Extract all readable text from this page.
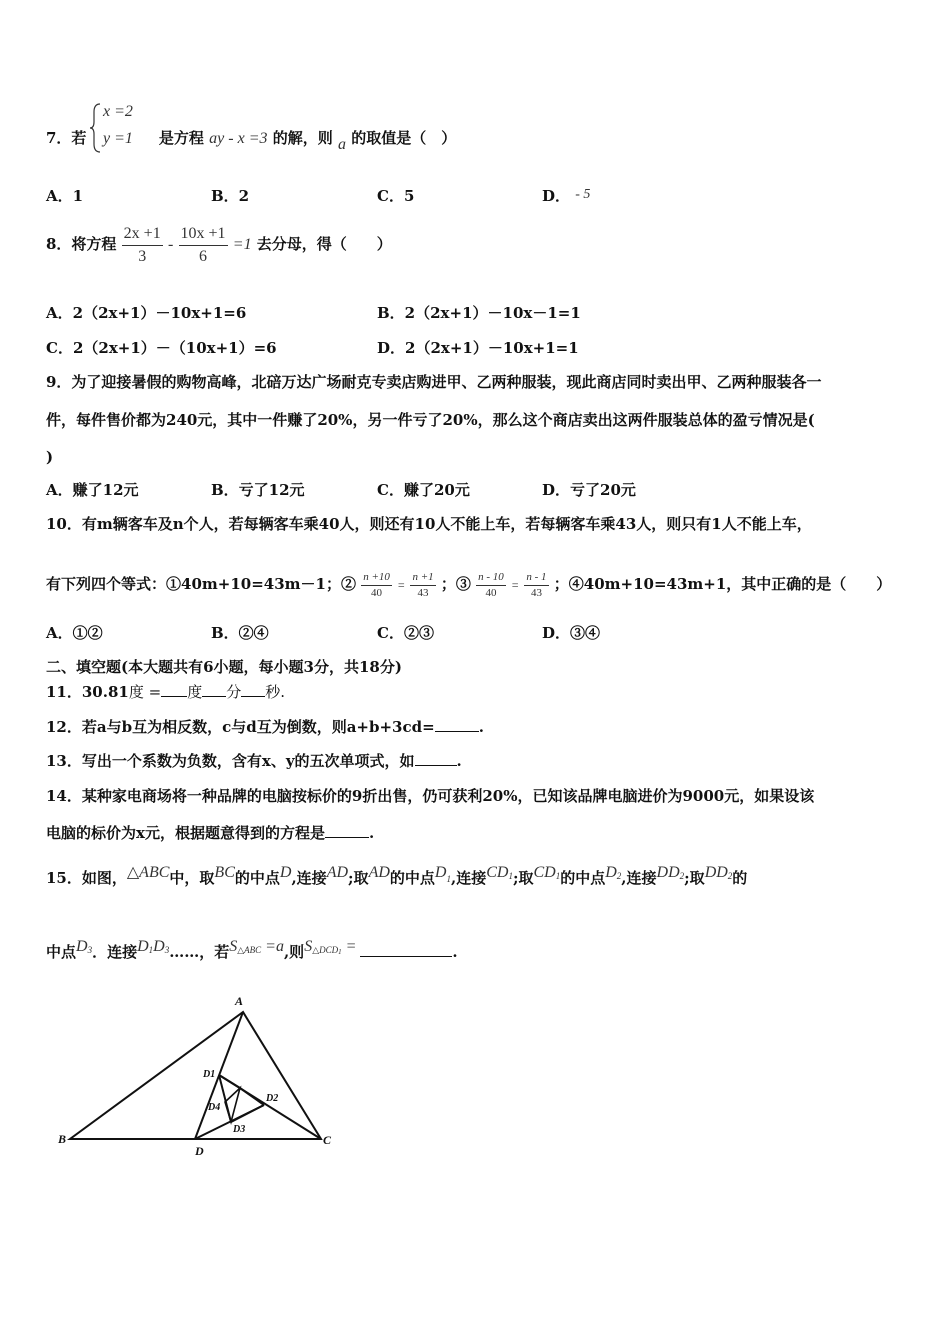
7．若	是方程 ay - x =3 的解，则 a 的取值是（　）
x =2
y =1
A．1	B．2	C．5	D． - 5
8．将方程 $\frac{2x +1}{3} - \frac{10x +1}{6} =1$ 去分母，得（　　）
A．2（2x+1）－10x+1=6	B．2（2x+1）－10x－1=1
C．2（2x+1）－（10x+1）=6	D．2（2x+1）－10x+1=1
9．为了迎接暑假的购物高峰，北碚万达广场耐克专卖店购进甲、乙两种服装，现此商店同时卖出甲、乙两种服装各一
件，每件售价都为240元，其中一件赚了20%，另一件亏了20%，那么这个商店卖出这两件服装总体的盈亏情况是(
)
A．赚了12元	B．亏了12元	C．赚了20元	D．亏了20元
10．有m辆客车及n个人，若每辆客车乘40人，则还有10人不能上车，若每辆客车乘43人，则只有1人不能上车，
有下列四个等式：①40m+10=43m－1；② $\frac{n +10}{40} = \frac{n +1}{43}$ ；③ $\frac{n - 10}{40} = \frac{n - 1}{43}$ ；④40m+10=43m+1，其中正确的是（　　）
A．①②	B．②④	C．②③	D．③④
二、填空题(本大题共有6小题，每小题3分，共18分)
11．30.81度 = 度 分 秒.
12．若a与b互为相反数，c与d互为倒数，则a+b+3cd=	.
13．写出一个系数为负数，含有x、y的五次单项式，如	.
14．某种家电商场将一种品牌的电脑按标价的9折出售，仍可获利20%，已知该品牌电脑进价为9000元，如果设该
电脑的标价为x元，根据题意得到的方程是	.
15．如图，△ABC中，取BC的中点D,连接AD;取AD的中点$D_1$,连接$CD^1$;取$CD^1$的中点$D^2$,连接$DD^2$;取$DD^2$的
中点$D^3$．连接$D^1D^3\dots\dots$，若$S^{\triangle ABC} =a$,则$S^{\triangle DCD1}$ =	.
A
B	C
D
D1
D2
D3
D4
